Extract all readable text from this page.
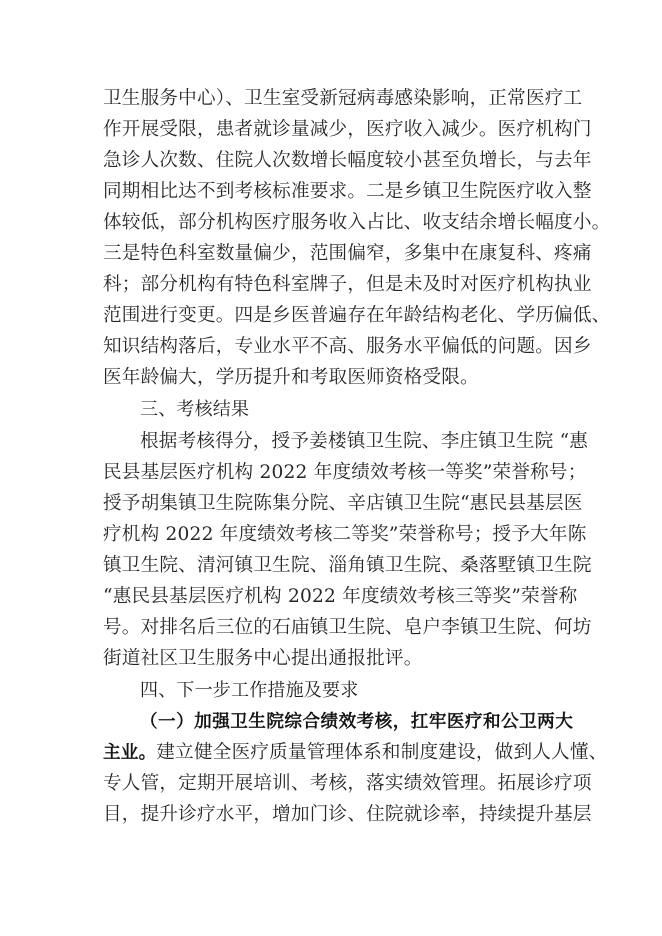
卫生服务中心）、卫生室受新冠病毒感染影响，正常医疗工
作开展受限，患者就诊量减少，医疗收入减少。医疗机构门
急诊人次数、住院人次数增长幅度较小甚至负增长，与去年
同期相比达不到考核标准要求。二是乡镇卫生院医疗收入整
体较低，部分机构医疗服务收入占比、收支结余增长幅度小。
三是特色科室数量偏少，范围偏窄，多集中在康复科、疼痛
科；部分机构有特色科室牌子，但是未及时对医疗机构执业
范围进行变更。四是乡医普遍存在年龄结构老化、学历偏低、
知识结构落后，专业水平不高、服务水平偏低的问题。因乡
医年龄偏大，学历提升和考取医师资格受限。
三、考核结果
根据考核得分，授予姜楼镇卫生院、李庄镇卫生院 “惠
民县基层医疗机构 2022 年度绩效考核一等奖”荣誉称号；
授予胡集镇卫生院陈集分院、辛店镇卫生院“惠民县基层医
疗机构 2022 年度绩效考核二等奖”荣誉称号；授予大年陈
镇卫生院、清河镇卫生院、淄角镇卫生院、桑落墅镇卫生院
“惠民县基层医疗机构 2022 年度绩效考核三等奖”荣誉称
号。对排名后三位的石庙镇卫生院、皂户李镇卫生院、何坊
街道社区卫生服务中心提出通报批评。
四、下一步工作措施及要求
（一）加强卫生院综合绩效考核，扛牢医疗和公卫两大
主业。建立健全医疗质量管理体系和制度建设，做到人人懂、
专人管，定期开展培训、考核，落实绩效管理。拓展诊疗项
目，提升诊疗水平，增加门诊、住院就诊率，持续提升基层
